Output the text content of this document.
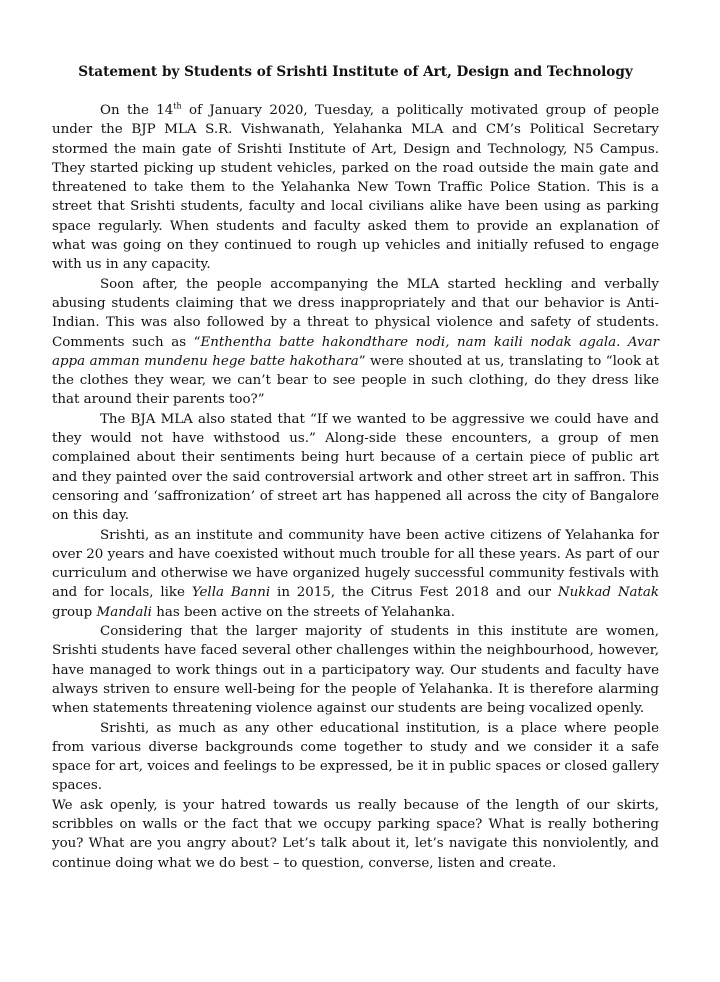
Statement by Students of Srishti Institute of Art, Design and Technology

On the 14th of January 2020, Tuesday, a politically motivated group of people under the BJP MLA S.R. Vishwanath, Yelahanka MLA and CM’s Political Secretary stormed the main gate of Srishti Institute of Art, Design and Technology, N5 Campus. They started picking up student vehicles, parked on the road outside the main gate and threatened to take them to the Yelahanka New Town Traffic Police Station. This is a street that Srishti students, faculty and local civilians alike have been using as parking space regularly. When students and faculty asked them to provide an explanation of what was going on they continued to rough up vehicles and initially refused to engage with us in any capacity.

Soon after, the people accompanying the MLA started heckling and verbally abusing students claiming that we dress inappropriately and that our behavior is Anti-Indian. This was also followed by a threat to physical violence and safety of students. Comments such as “Enthentha batte hakondthare nodi, nam kaili nodak agala. Avar appa amman mundenu hege batte hakothara” were shouted at us, translating to “look at the clothes they wear, we can’t bear to see people in such clothing, do they dress like that around their parents too?”

The BJA MLA also stated that “If we wanted to be aggressive we could have and they would not have withstood us.” Along-side these encounters, a group of men complained about their sentiments being hurt because of a certain piece of public art and they painted over the said controversial artwork and other street art in saffron. This censoring and ‘saffronization’ of street art has happened all across the city of Bangalore on this day.

Srishti, as an institute and community have been active citizens of Yelahanka for over 20 years and have coexisted without much trouble for all these years. As part of our curriculum and otherwise we have organized hugely successful community festivals with and for locals, like Yella Banni in 2015, the Citrus Fest 2018 and our Nukkad Natak group Mandali has been active on the streets of Yelahanka.

Considering that the larger majority of students in this institute are women, Srishti students have faced several other challenges within the neighbourhood, however, have managed to work things out in a participatory way. Our students and faculty have always striven to ensure well-being for the people of Yelahanka. It is therefore alarming when statements threatening violence against our students are being vocalized openly.

Srishti, as much as any other educational institution, is a place where people from various diverse backgrounds come together to study and we consider it a safe space for art, voices and feelings to be expressed, be it in public spaces or closed gallery spaces.

We ask openly, is your hatred towards us really because of the length of our skirts, scribbles on walls or the fact that we occupy parking space? What is really bothering you? What are you angry about? Let’s talk about it, let’s navigate this nonviolently, and continue doing what we do best – to question, converse, listen and create.
